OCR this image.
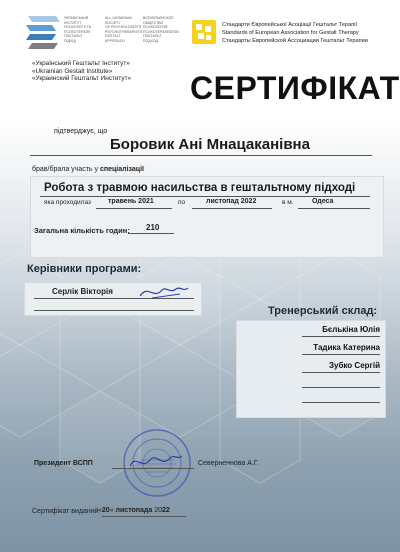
УКРАЇНСЬКИЙ
ІНСТИТУТ
ПСИХОЛОГІЇ ТА
ПСИХОТЕРАПІЇ
ГЕШТАЛЬТ
ПІДХІД
ALL-UKRAINIAN
SOCIETY
OF PSYCHOLOGISTS
PSYCHOTHERAPISTS
GESTALT
APPROACH
ВСЕУКРАИНСКОЕ
ОБЩЕСТВО
ПСИХОЛОГОВ
ПСИХОТЕРАПЕВТОВ
ГЕШТАЛЬТ
ПОДХОД
Стандарти Європейської Асоціації Гештальт Терапії
Standards of European Association for Gestalt Therapy
Стандарты Европейской Ассоциации Гештальт Терапии
«Український Гештальт Інститут»
«Ukrainian Gestalt Institute»
«Украинский Гештальт Институт» СЕРТИФІКАТ
підтверджує, що
Боровик Ані Мнацаканівна
брав/брала участь у спеціалізації
Робота з травмою насильства в гештальтному підході
яка проходила з травень 2021	по	листопад 2022	в м.	Одеса
Загальна кількість годин: 210
Керівники програми:
Серлік Вікторія
Тренерський склад:
Бєлькіна Юлія
Тадика Катерина
Зубко Сергій
Президент ВСПП	Северненнова А.Г.
Сертифікат виданий «20» листопада 2022
